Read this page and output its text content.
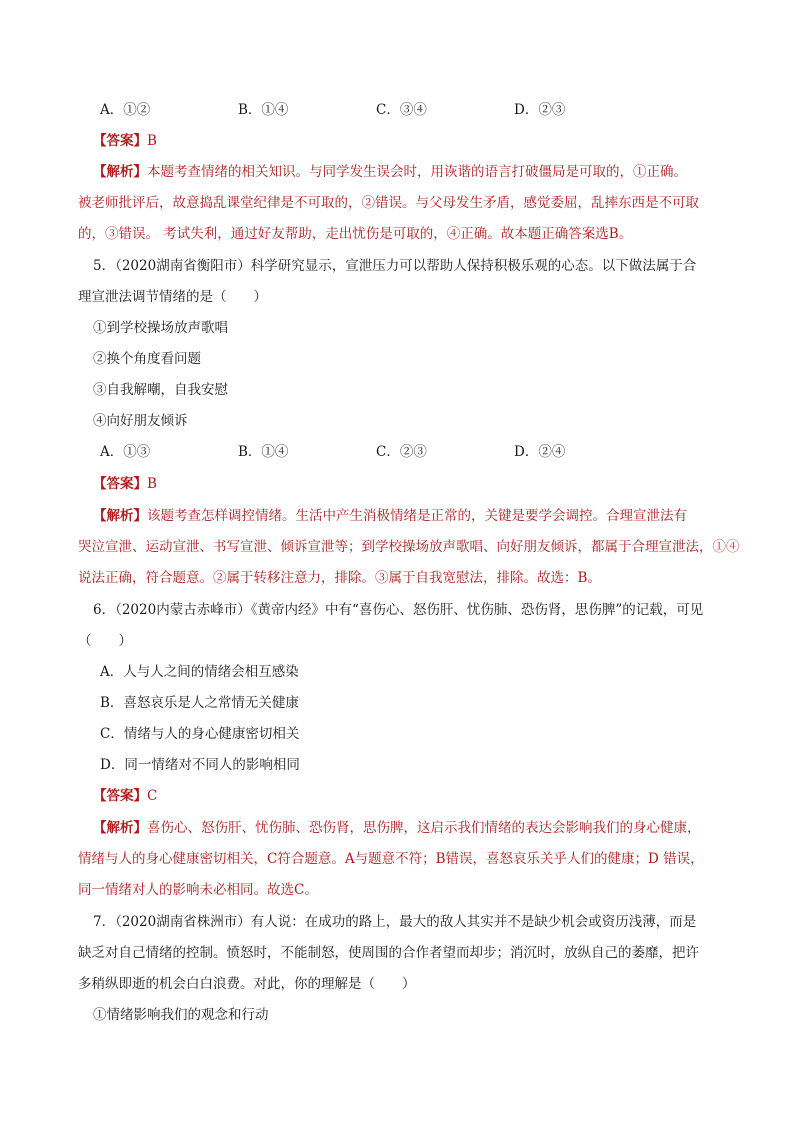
A．①②	B．①④	C．③④	D．②③
【答案】B
【解析】本题考查情绪的相关知识。与同学发生误会时，用诙谐的语言打破僵局是可取的，①正确。
被老师批评后，故意捣乱课堂纪律是不可取的，②错误。与父母发生矛盾，感觉委屈，乱摔东西是不可取
的，③错误。 考试失利，通过好友帮助，走出忧伤是可取的，④正确。故本题正确答案选B。
5．（2020湖南省衡阳市）科学研究显示，宣泄压力可以帮助人保持积极乐观的心态。以下做法属于合
理宣泄法调节情绪的是（　　）
①到学校操场放声歌唱
②换个角度看问题
③自我解嘲，自我安慰
④向好朋友倾诉
A．①③	B．①④	C．②③	D．②④
【答案】B
【解析】该题考查怎样调控情绪。生活中产生消极情绪是正常的，关键是要学会调控。合理宣泄法有
哭泣宣泄、运动宣泄、书写宣泄、倾诉宣泄等；到学校操场放声歌唱、向好朋友倾诉，都属于合理宣泄法，①④
说法正确，符合题意。②属于转移注意力，排除。③属于自我宽慰法，排除。故选：B。
6．（2020内蒙古赤峰市）《黄帝内经》中有“喜伤心、怒伤肝、忧伤肺、恐伤肾，思伤脾”的记载，可见
（　　）
A．人与人之间的情绪会相互感染
B．喜怒哀乐是人之常情无关健康
C．情绪与人的身心健康密切相关
D．同一情绪对不同人的影响相同
【答案】C
【解析】喜伤心、怒伤肝、忧伤肺、恐伤肾，思伤脾，这启示我们情绪的表达会影响我们的身心健康，
情绪与人的身心健康密切相关，C符合题意。A与题意不符；B错误，喜怒哀乐关乎人们的健康；D 错误，
同一情绪对人的影响未必相同。故选C。
7．（2020湖南省株洲市）有人说：在成功的路上，最大的敌人其实并不是缺少机会或资历浅薄，而是
缺乏对自己情绪的控制。愤怒时，不能制怒，使周围的合作者望而却步；消沉时，放纵自己的萎靡，把许
多稍纵即逝的机会白白浪费。对此，你的理解是（　　）
①情绪影响我们的观念和行动
